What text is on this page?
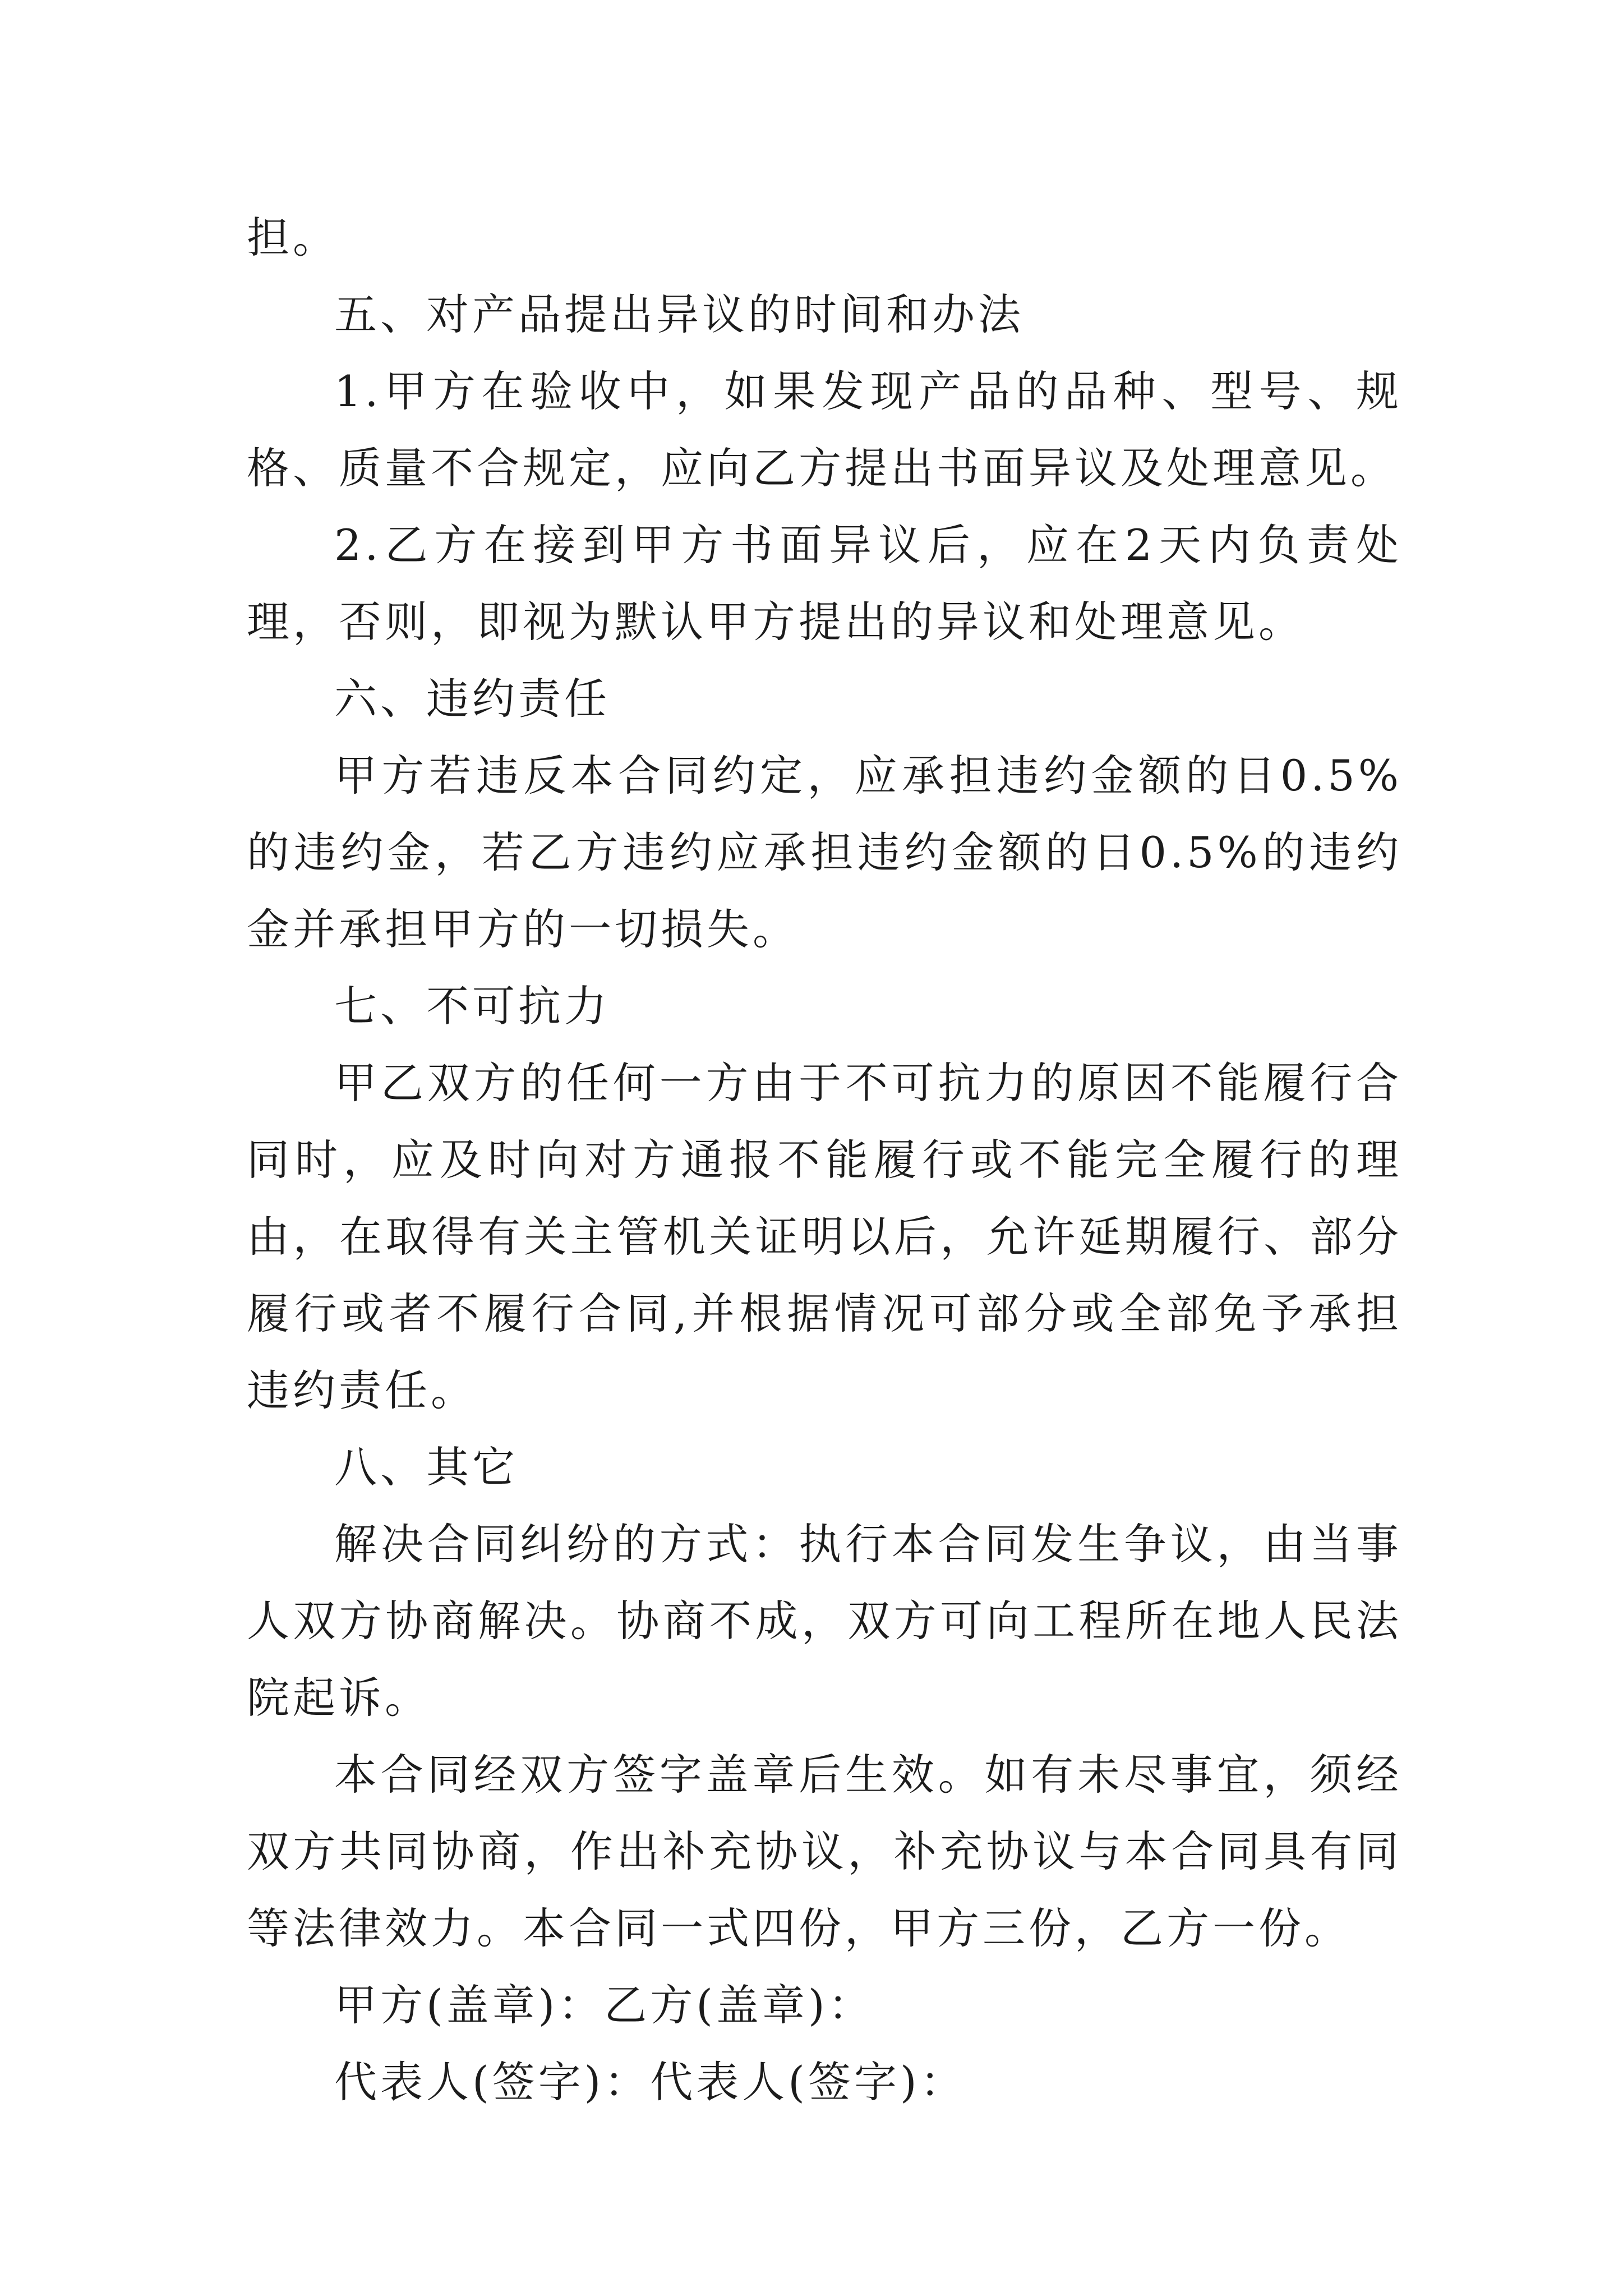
担。

五、对产品提出异议的时间和办法

1.甲方在验收中，如果发现产品的品种、型号、规格、质量不合规定，应向乙方提出书面异议及处理意见。

2.乙方在接到甲方书面异议后，应在2天内负责处理，否则，即视为默认甲方提出的异议和处理意见。

六、违约责任

甲方若违反本合同约定，应承担违约金额的日0.5%的违约金，若乙方违约应承担违约金额的日0.5%的违约金并承担甲方的一切损失。

七、不可抗力

甲乙双方的任何一方由于不可抗力的原因不能履行合同时，应及时向对方通报不能履行或不能完全履行的理由，在取得有关主管机关证明以后，允许延期履行、部分履行或者不履行合同,并根据情况可部分或全部免予承担违约责任。

八、其它

解决合同纠纷的方式：执行本合同发生争议，由当事人双方协商解决。协商不成，双方可向工程所在地人民法院起诉。

本合同经双方签字盖章后生效。如有未尽事宜，须经双方共同协商，作出补充协议，补充协议与本合同具有同等法律效力。本合同一式四份，甲方三份，乙方一份。

甲方(盖章)：乙方(盖章)：

代表人(签字)：代表人(签字)：
